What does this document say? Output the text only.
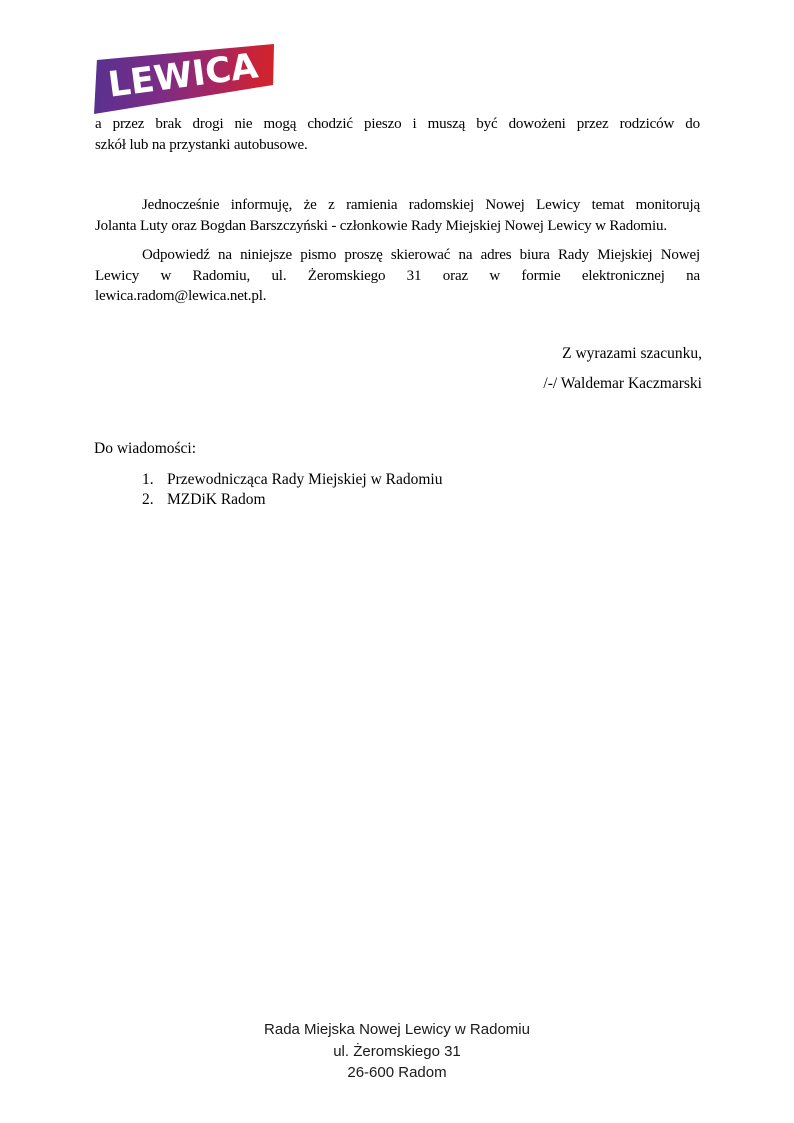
LEWICA
a przez brak drogi nie mogą chodzić pieszo i muszą być dowożeni przez rodziców do
szkół lub na przystanki autobusowe.
Jednocześnie informuję, że z ramienia radomskiej Nowej Lewicy temat monitorują
Jolanta Luty oraz Bogdan Barszczyński - członkowie Rady Miejskiej Nowej Lewicy w Radomiu.
Odpowiedź na niniejsze pismo proszę skierować na adres biura Rady Miejskiej Nowej
Lewicy w Radomiu, ul. Żeromskiego 31 oraz w formie elektronicznej na
lewica.radom@lewica.net.pl.
Z wyrazami szacunku,
/-/ Waldemar Kaczmarski
Do wiadomości:
1. Przewodnicząca Rady Miejskiej w Radomiu
2. MZDiK Radom
Rada Miejska Nowej Lewicy w Radomiu
ul. Żeromskiego 31
26-600 Radom
